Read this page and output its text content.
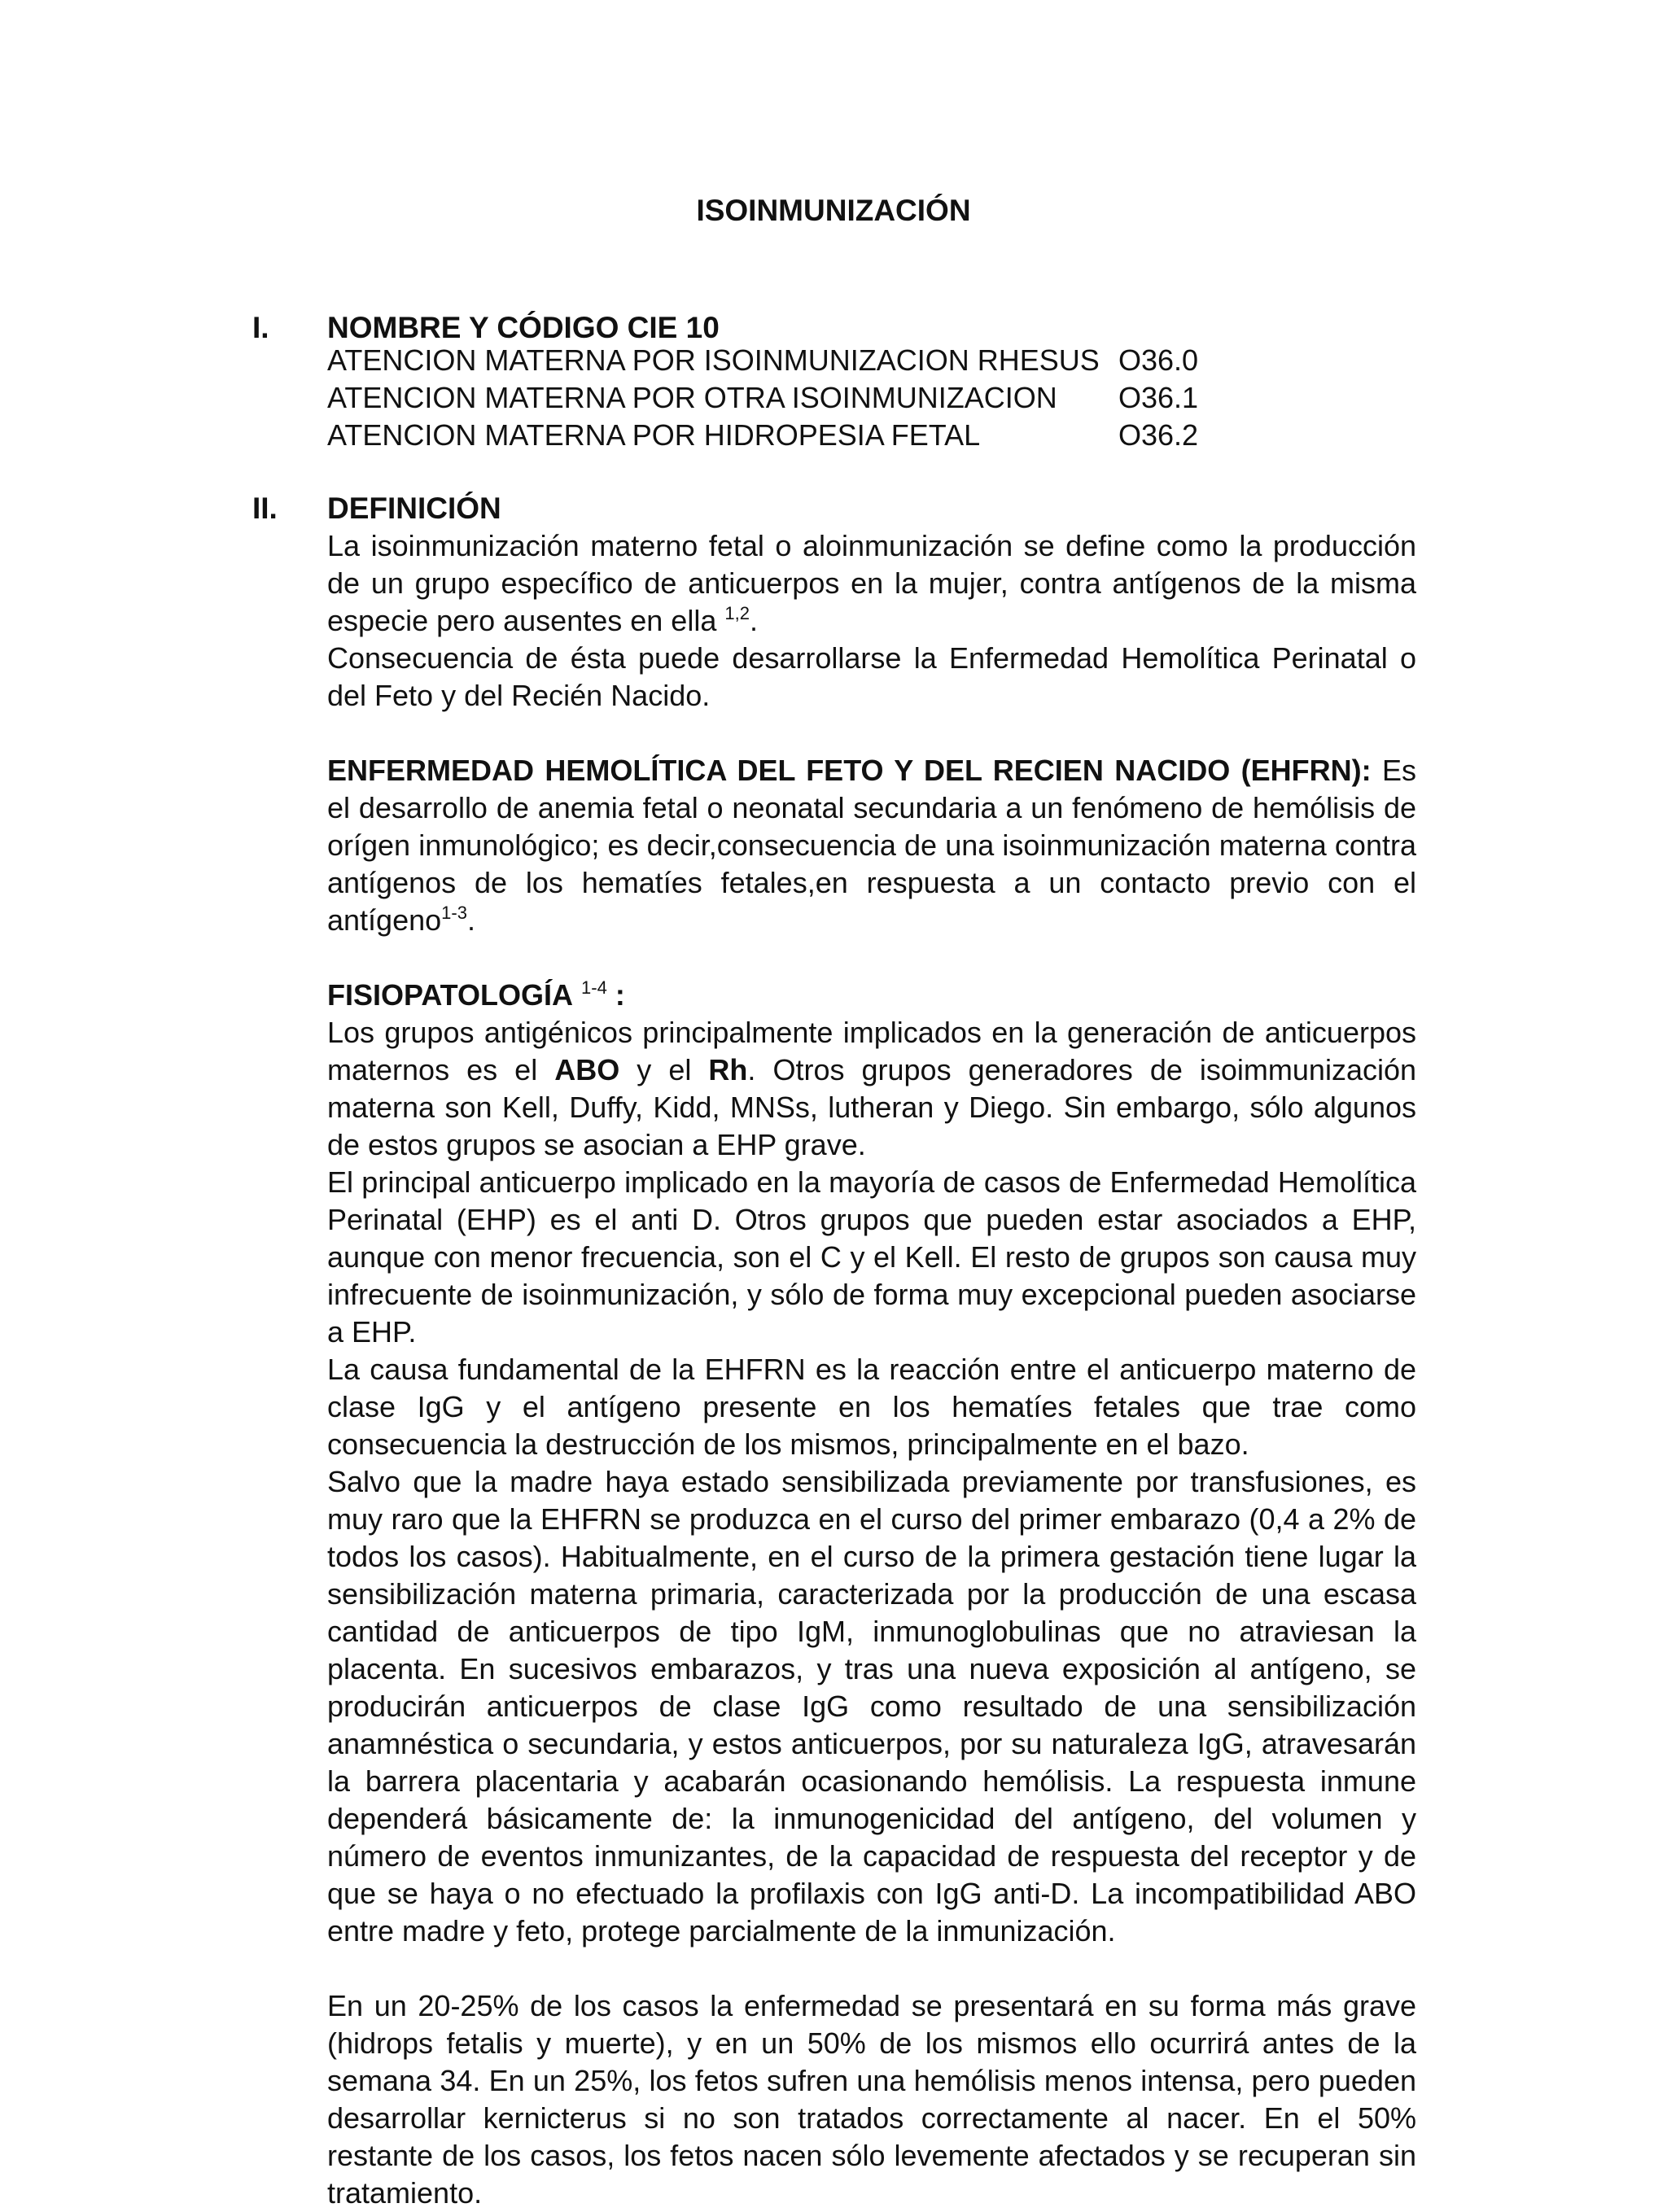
ISOINMUNIZACIÓN
I. NOMBRE Y CÓDIGO CIE 10
ATENCION MATERNA POR ISOINMUNIZACION RHESUS O36.0
ATENCION MATERNA POR OTRA ISOINMUNIZACION O36.1
ATENCION MATERNA POR HIDROPESIA FETAL	O36.2
II. DEFINICIÓN

La isoinmunización materno fetal o aloinmunización se define como la producción de un grupo específico de anticuerpos en la mujer, contra antígenos de la misma especie pero ausentes en ella $^{1,2}$.

Consecuencia de ésta puede desarrollarse la Enfermedad Hemolítica Perinatal o del Feto y del Recién Nacido.

ENFERMEDAD HEMOLÍTICA DEL FETO Y DEL RECIEN NACIDO (EHFRN): Es el desarrollo de anemia fetal o neonatal secundaria a un fenómeno de hemólisis de orígen inmunológico; es decir,consecuencia de una isoinmunización materna contra antígenos de los hematíes fetales,en respuesta a un contacto previo con el antígeno$^{1-3}$.

FISIOPATOLOGÍA $^{1-4}$ :

Los grupos antigénicos principalmente implicados en la generación de anticuerpos maternos es el ABO y el Rh. Otros grupos generadores de isoimmunización materna son Kell, Duffy, Kidd, MNSs, lutheran y Diego. Sin embargo, sólo algunos de estos grupos se asocian a EHP grave.

El principal anticuerpo implicado en la mayoría de casos de Enfermedad Hemolítica Perinatal (EHP) es el anti D. Otros grupos que pueden estar asociados a EHP, aunque con menor frecuencia, son el C y el Kell. El resto de grupos son causa muy infrecuente de isoinmunización, y sólo de forma muy excepcional pueden asociarse a EHP.

La causa fundamental de la EHFRN es la reacción entre el anticuerpo materno de clase IgG y el antígeno presente en los hematíes fetales que trae como consecuencia la destrucción de los mismos, principalmente en el bazo.

Salvo que la madre haya estado sensibilizada previamente por transfusiones, es muy raro que la EHFRN se produzca en el curso del primer embarazo (0,4 a 2% de todos los casos). Habitualmente, en el curso de la primera gestación tiene lugar la sensibilización materna primaria, caracterizada por la producción de una escasa cantidad de anticuerpos de tipo IgM, inmunoglobulinas que no atraviesan la placenta. En sucesivos embarazos, y tras una nueva exposición al antígeno, se producirán anticuerpos de clase IgG como resultado de una sensibilización anamnéstica o secundaria, y estos anticuerpos, por su naturaleza IgG, atravesarán la barrera placentaria y acabarán ocasionando hemólisis. La respuesta inmune dependerá básicamente de: la inmunogenicidad del antígeno, del volumen y número de eventos inmunizantes, de la capacidad de respuesta del receptor y de que se haya o no efectuado la profilaxis con IgG anti-D. La incompatibilidad ABO entre madre y feto, protege parcialmente de la inmunización.

En un 20-25% de los casos la enfermedad se presentará en su forma más grave (hidrops fetalis y muerte), y en un 50% de los mismos ello ocurrirá antes de la semana 34. En un 25%, los fetos sufren una hemólisis menos intensa, pero pueden desarrollar kernicterus si no son tratados correctamente al nacer. En el 50% restante de los casos, los fetos nacen sólo levemente afectados y se recuperan sin tratamiento.
